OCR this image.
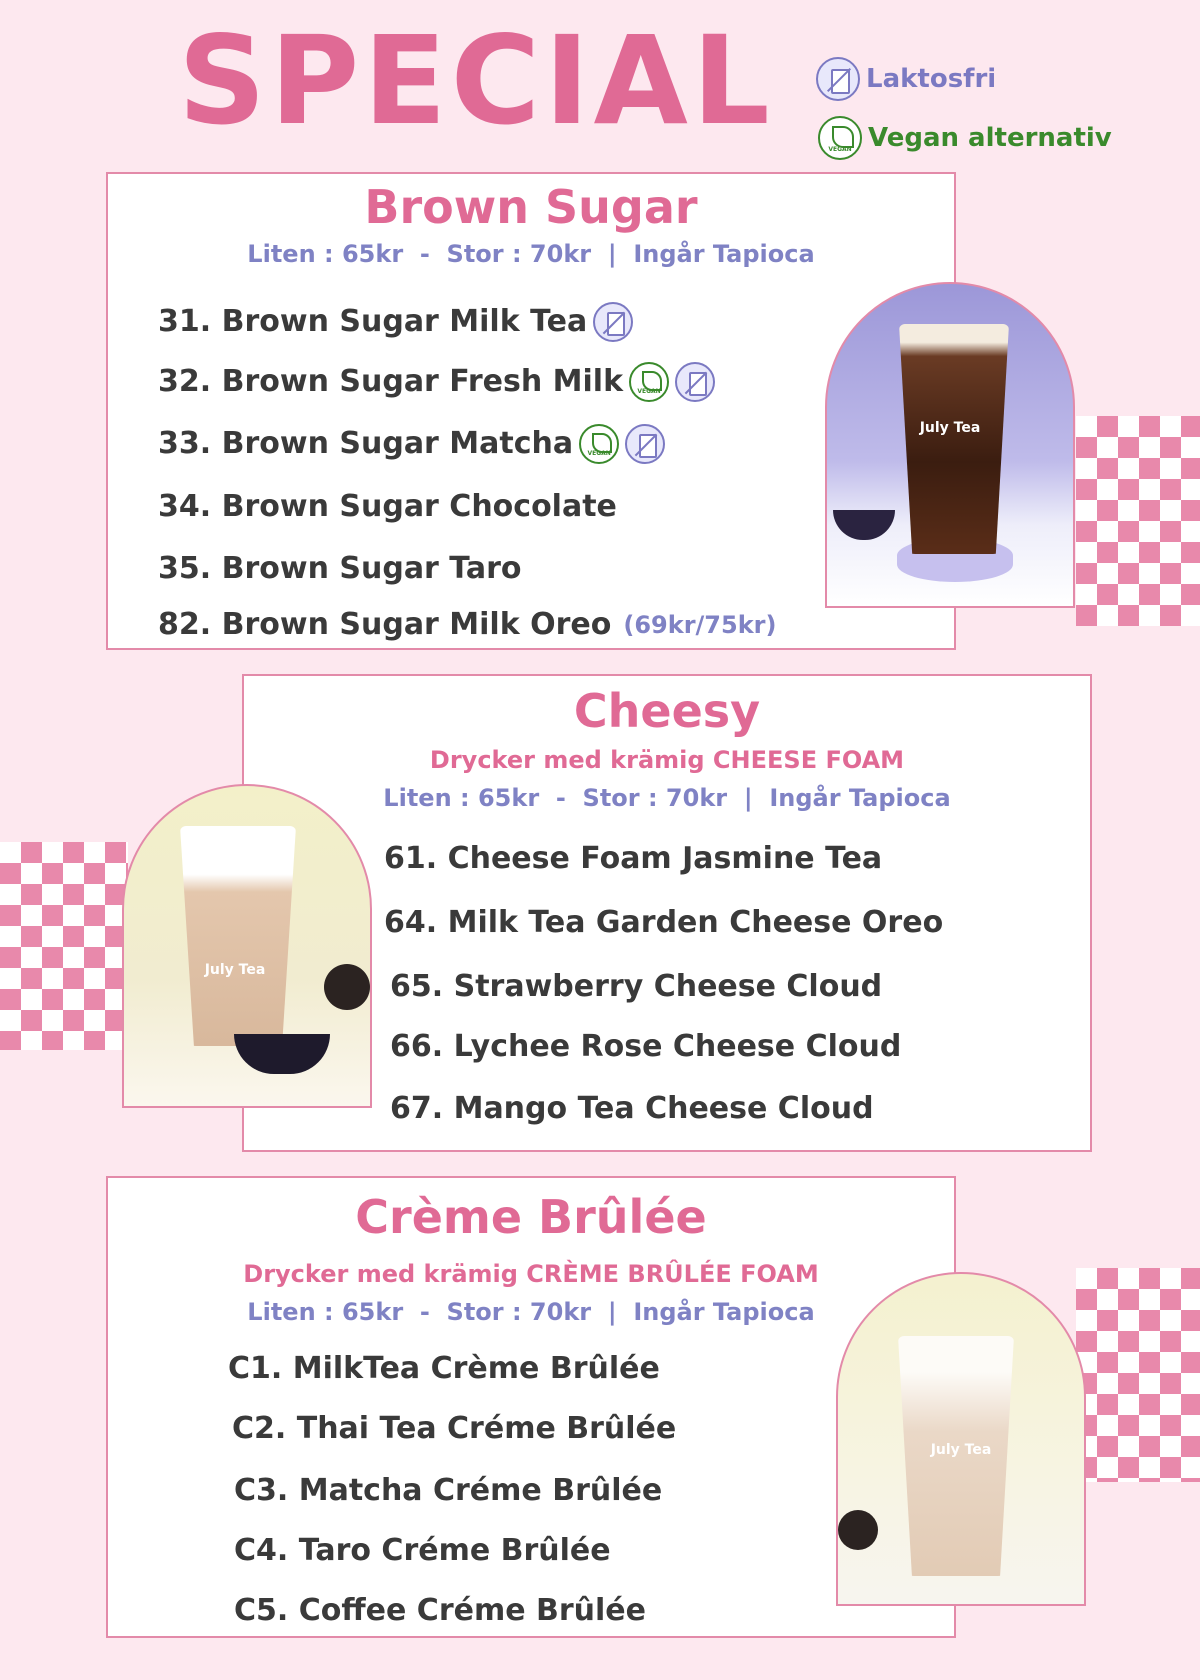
SPECIAL	Laktosfri
VEGAN
Vegan alternativ
Brown Sugar
Liten : 65kr  -  Stor : 70kr  |  Ingår Tapioca
31. Brown Sugar Milk Tea
32. Brown Sugar Fresh Milk
VEGAN
33. Brown Sugar Matcha
VEGAN
34. Brown Sugar Chocolate
35. Brown Sugar Taro
82. Brown Sugar Milk Oreo (69kr/75kr)
July Tea
Cheesy
Drycker med krämig CHEESE FOAM
Liten : 65kr  -  Stor : 70kr  |  Ingår Tapioca
61. Cheese Foam Jasmine Tea
64. Milk Tea Garden Cheese Oreo
65. Strawberry Cheese Cloud
66. Lychee Rose Cheese Cloud
67. Mango Tea Cheese Cloud
July Tea
Crème Brûlée
Drycker med krämig CRÈME BRÛLÉE FOAM
Liten : 65kr  -  Stor : 70kr  |  Ingår Tapioca
C1. MilkTea Crème Brûlée
C2. Thai Tea Créme Brûlée
C3. Matcha Créme Brûlée
C4. Taro Créme Brûlée
C5. Coffee Créme Brûlée
July Tea
